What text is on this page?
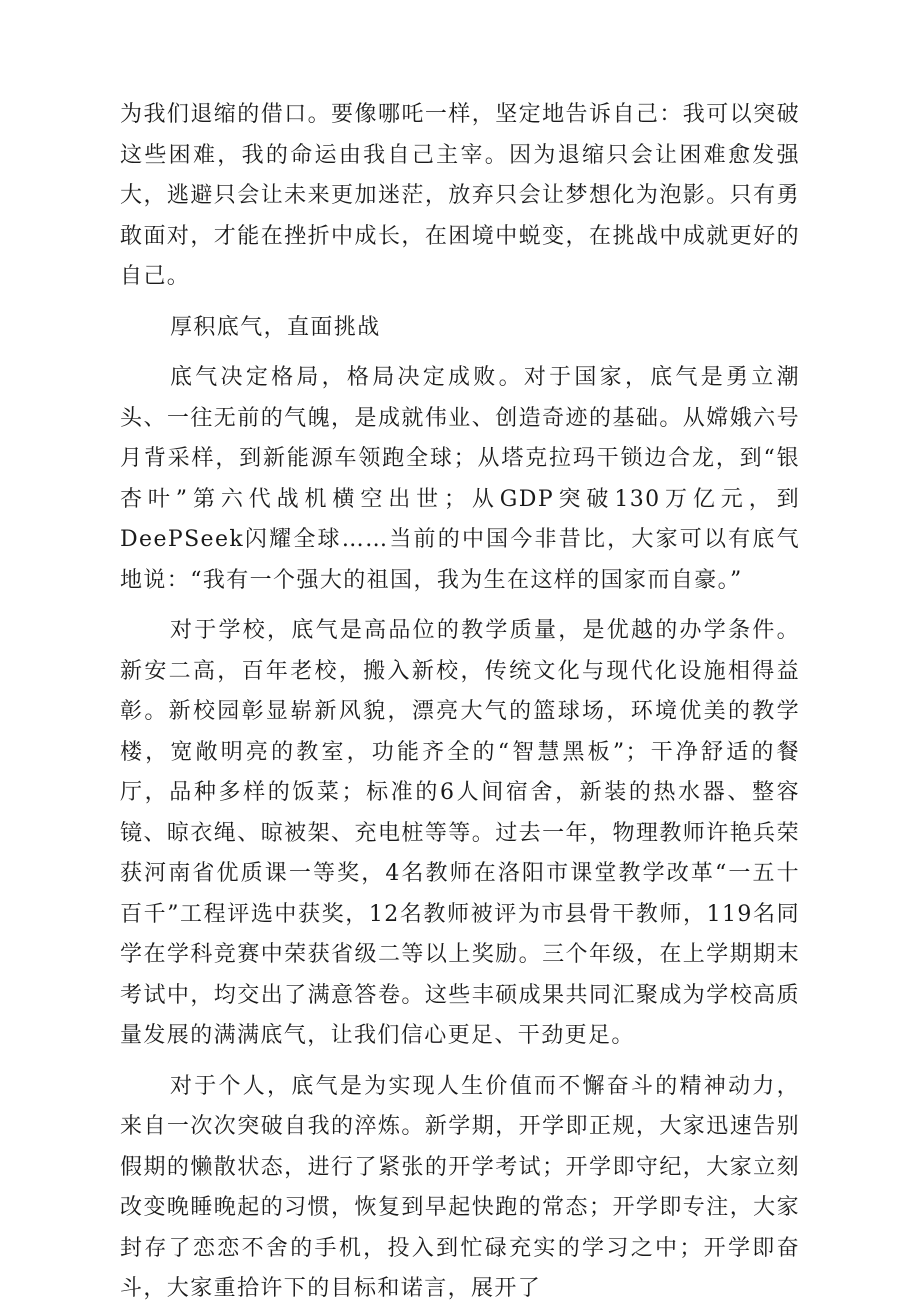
为我们退缩的借口。要像哪吒一样，坚定地告诉自己：我可以突破这些困难，我的命运由我自己主宰。因为退缩只会让困难愈发强大，逃避只会让未来更加迷茫，放弃只会让梦想化为泡影。只有勇敢面对，才能在挫折中成长，在困境中蜕变，在挑战中成就更好的自己。

厚积底气，直面挑战

底气决定格局，格局决定成败。对于国家，底气是勇立潮头、一往无前的气魄，是成就伟业、创造奇迹的基础。从嫦娥六号月背采样，到新能源车领跑全球；从塔克拉玛干锁边合龙，到“银杏叶”第六代战机横空出世；从GDP突破130万亿元，到DeePSeek闪耀全球……当前的中国今非昔比，大家可以有底气地说：“我有一个强大的祖国，我为生在这样的国家而自豪。”

对于学校，底气是高品位的教学质量，是优越的办学条件。新安二高，百年老校，搬入新校，传统文化与现代化设施相得益彰。新校园彰显崭新风貌，漂亮大气的篮球场，环境优美的教学楼，宽敞明亮的教室，功能齐全的“智慧黑板”；干净舒适的餐厅，品种多样的饭菜；标准的6人间宿舍，新装的热水器、整容镜、晾衣绳、晾被架、充电桩等等。过去一年，物理教师许艳兵荣获河南省优质课一等奖，4名教师在洛阳市课堂教学改革“一五十百千”工程评选中获奖，12名教师被评为市县骨干教师，119名同学在学科竞赛中荣获省级二等以上奖励。三个年级，在上学期期末考试中，均交出了满意答卷。这些丰硕成果共同汇聚成为学校高质量发展的满满底气，让我们信心更足、干劲更足。

对于个人，底气是为实现人生价值而不懈奋斗的精神动力，来自一次次突破自我的淬炼。新学期，开学即正规，大家迅速告别假期的懒散状态，进行了紧张的开学考试；开学即守纪，大家立刻改变晚睡晚起的习惯，恢复到早起快跑的常态；开学即专注，大家封存了恋恋不舍的手机，投入到忙碌充实的学习之中；开学即奋斗，大家重拾许下的目标和诺言，展开了
